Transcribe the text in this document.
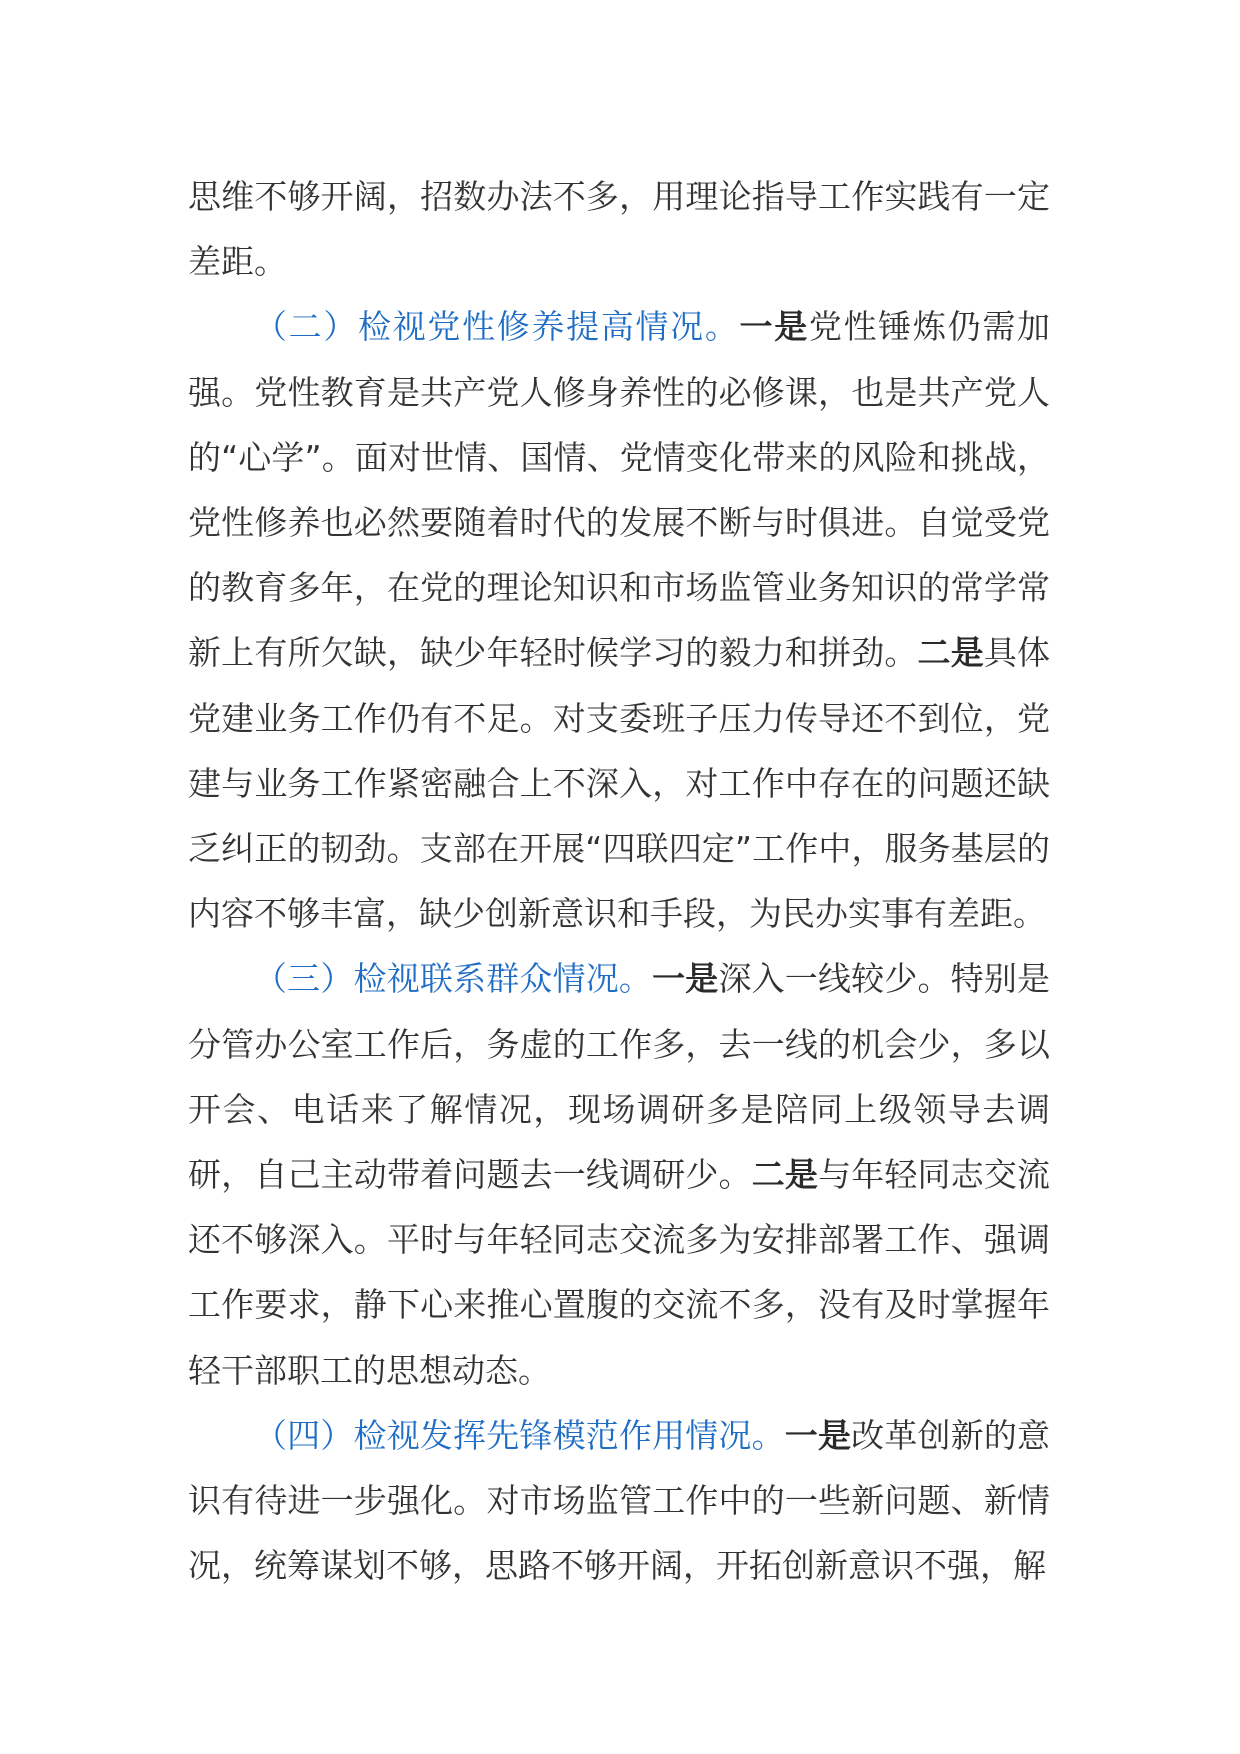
思维不够开阔，招数办法不多，用理论指导工作实践有一定差距。

（二）检视党性修养提高情况。一是党性锤炼仍需加强。党性教育是共产党人修身养性的必修课，也是共产党人的“心学”。面对世情、国情、党情变化带来的风险和挑战，党性修养也必然要随着时代的发展不断与时俱进。自觉受党的教育多年，在党的理论知识和市场监管业务知识的常学常新上有所欠缺，缺少年轻时候学习的毅力和拼劲。二是具体党建业务工作仍有不足。对支委班子压力传导还不到位，党建与业务工作紧密融合上不深入，对工作中存在的问题还缺乏纠正的韧劲。支部在开展“四联四定”工作中，服务基层的内容不够丰富，缺少创新意识和手段，为民办实事有差距。

（三）检视联系群众情况。一是深入一线较少。特别是分管办公室工作后，务虚的工作多，去一线的机会少，多以开会、电话来了解情况，现场调研多是陪同上级领导去调研，自己主动带着问题去一线调研少。二是与年轻同志交流还不够深入。平时与年轻同志交流多为安排部署工作、强调工作要求，静下心来推心置腹的交流不多，没有及时掌握年轻干部职工的思想动态。

（四）检视发挥先锋模范作用情况。一是改革创新的意识有待进一步强化。对市场监管工作中的一些新问题、新情况，统筹谋划不够，思路不够开阔，开拓创新意识不强，解
